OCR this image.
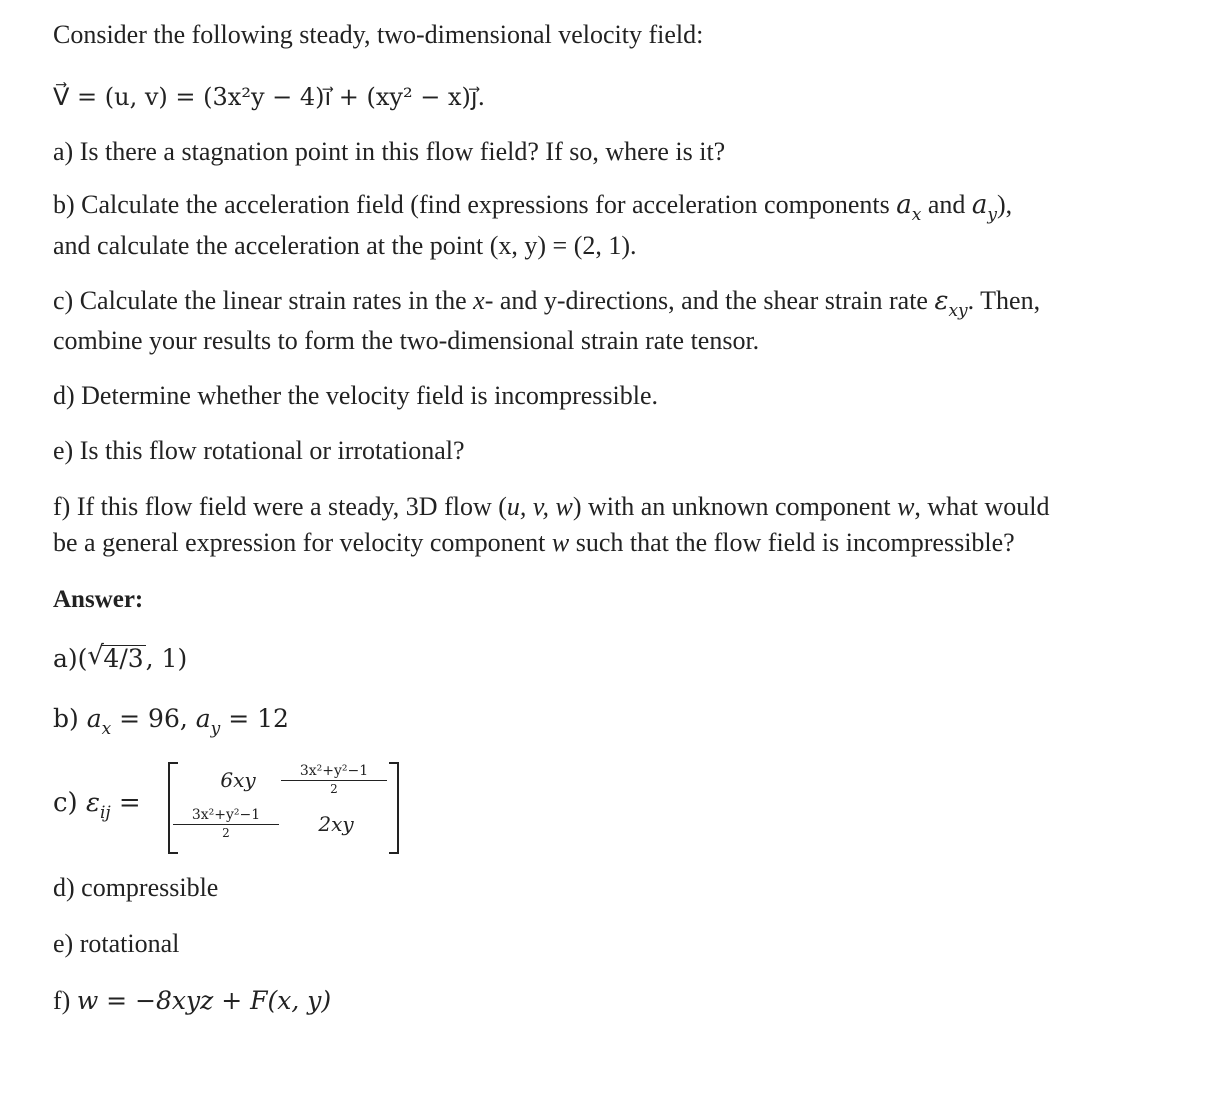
Consider the following steady, two-dimensional velocity field:
V⃗ = (u, v) = (3x²y − 4)ı⃗ + (xy² − x)ȷ⃗.
a) Is there a stagnation point in this flow field? If so, where is it?
b) Calculate the acceleration field (find expressions for acceleration components $a_x$ and $a_y$),
and calculate the acceleration at the point (x, y) = (2, 1).
c) Calculate the linear strain rates in the x- and y-directions, and the shear strain rate $\varepsilon_{xy}$. Then,
combine your results to form the two-dimensional strain rate tensor.
d) Determine whether the velocity field is incompressible.
e) Is this flow rotational or irrotational?
f) If this flow field were a steady, 3D flow (u, v, w) with an unknown component w, what would
be a general expression for velocity component w such that the flow field is incompressible?
Answer:
a)( √ 4/3, 1)
b) $a_x = 96$, $a_y = 12$
c) $\varepsilon_{ij}$ =
6xy	$\frac{\text{3x²+y²−1}}{2}$
$\frac{\text{3x²+y²−1}}{2}$	2xy
d) compressible
e) rotational
f) w = −8xyz + F(x, y)
